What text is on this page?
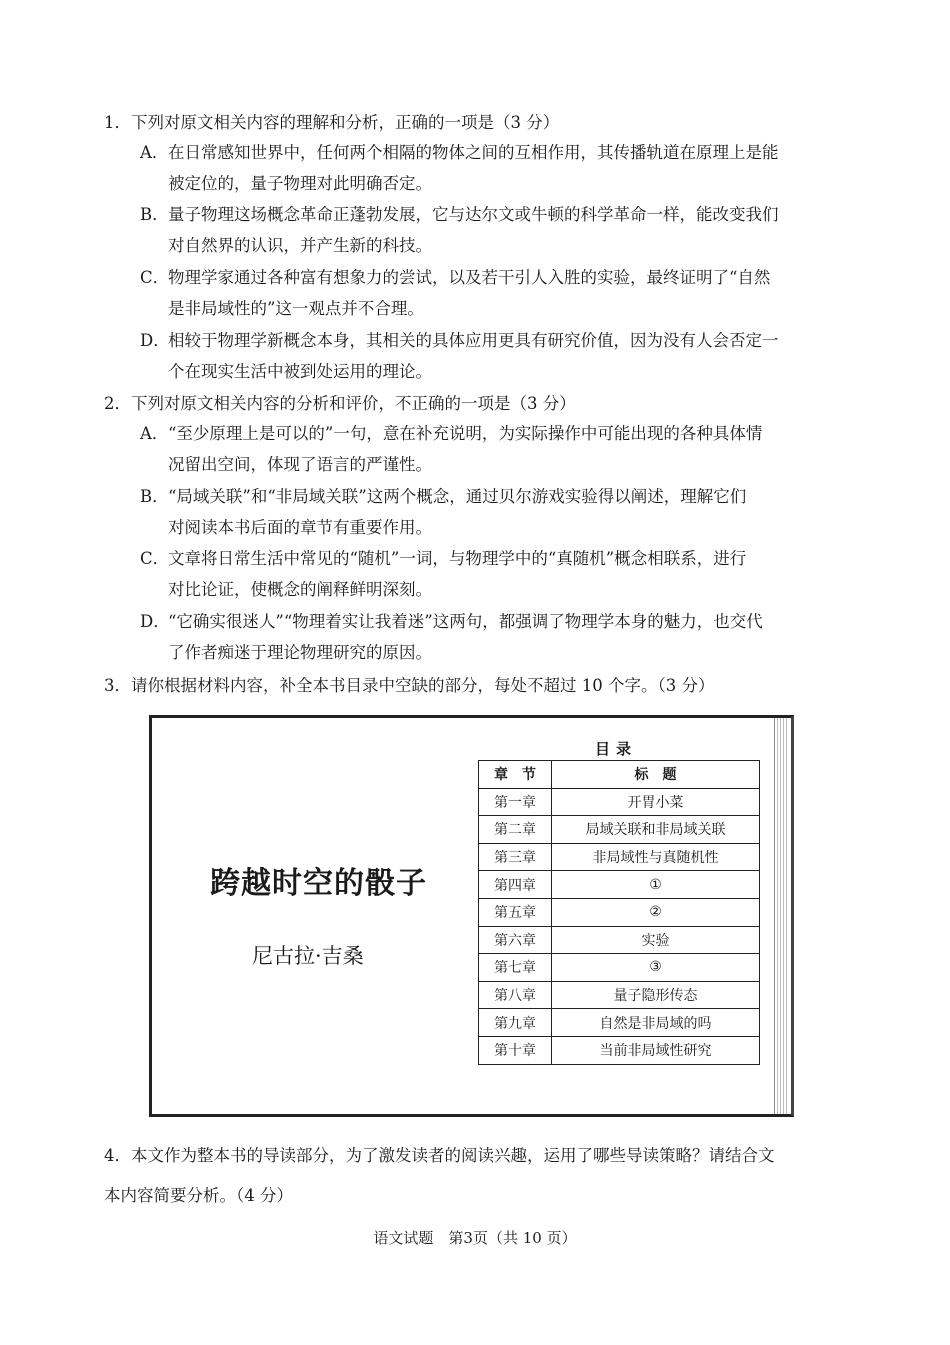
1．下列对原文相关内容的理解和分析，正确的一项是（3 分）
A．在日常感知世界中，任何两个相隔的物体之间的互相作用，其传播轨道在原理上是能
被定位的，量子物理对此明确否定。
B．量子物理这场概念革命正蓬勃发展，它与达尔文或牛顿的科学革命一样，能改变我们
对自然界的认识，并产生新的科技。
C．物理学家通过各种富有想象力的尝试，以及若干引人入胜的实验，最终证明了“自然
是非局域性的”这一观点并不合理。
D．相较于物理学新概念本身，其相关的具体应用更具有研究价值，因为没有人会否定一
个在现实生活中被到处运用的理论。
2．下列对原文相关内容的分析和评价，不正确的一项是（3 分）
A．“至少原理上是可以的”一句，意在补充说明，为实际操作中可能出现的各种具体情
况留出空间，体现了语言的严谨性。
B．“局域关联”和“非局域关联”这两个概念，通过贝尔游戏实验得以阐述，理解它们
对阅读本书后面的章节有重要作用。
C．文章将日常生活中常见的“随机”一词，与物理学中的“真随机”概念相联系，进行
对比论证，使概念的阐释鲜明深刻。
D．“它确实很迷人”“物理着实让我着迷”这两句，都强调了物理学本身的魅力，也交代
了作者痴迷于理论物理研究的原因。
3．请你根据材料内容，补全本书目录中空缺的部分，每处不超过 10 个字。（3 分）
跨越时空的骰子
尼古拉·吉桑
目录
章　节	标　题
第一章	开胃小菜
第二章	局域关联和非局域关联
第三章	非局域性与真随机性
第四章	①
第五章	②
第六章	实验
第七章	③
第八章	量子隐形传态
第九章	自然是非局域的吗
第十章	当前非局域性研究
4．本文作为整本书的导读部分，为了激发读者的阅读兴趣，运用了哪些导读策略？请结合文
本内容简要分析。（4 分）
语文试题　第3页（共 10 页）
